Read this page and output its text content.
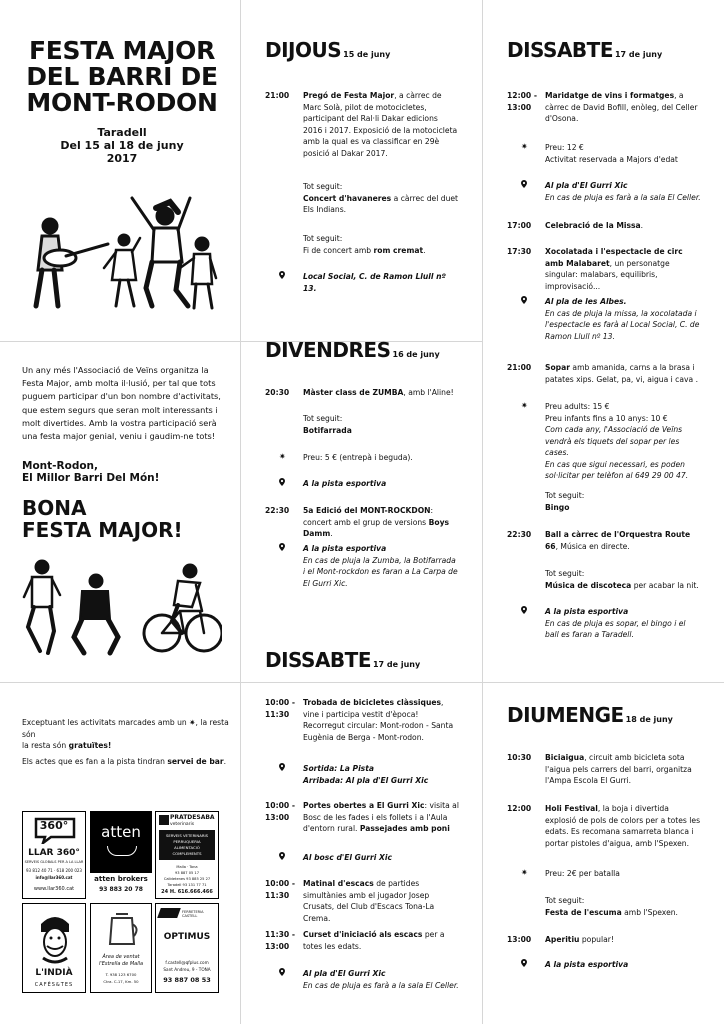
FESTA MAJOR
DEL BARRI DE
MONT-RODON
Taradell
Del 15 al 18 de juny
2017
Un any més l'Associació de Veïns organitza la Festa Major, amb molta il·lusió, per tal que tots puguem participar d'un bon nombre d'activitats, que estem segurs que seran molt interessants i molt divertides. Amb la vostra participació serà una festa major genial, veniu i gaudim-ne tots!
Mont-Rodon,
El Millor Barri Del Món!
BONA
FESTA MAJOR!
Exceptuant les activitats marcades amb un ✷, la resta són
la resta són gratuïtes!
Els actes que es fan a la pista tindran servei de bar.
360°
LLAR 360°
SERVEIS GLOBALS PER A LA LLAR
93 812 40 71 · 618 200 023
info@llar360.cat
www.llar360.cat
atten
atten brokers
93 883 20 78
PRATDESABA
veterinaris
SERVEIS VETERINARIS
PERRUQUERIA
ALIMENTACIÓ
COMPLEMENTS
Malla · Tona
93 887 05 17
Calldetenes 93 885 25 27
Taradell 93 131 77 71
24 H. 616.666.466
L'INDIÀ
CAFÈS&TES
Àrea de ventat
l'Estrella de Malla
T. 938 123 6700
Ctra. C-17, Km. 50
FERRETERIA CASTELL
OPTIMUS
f.castell@qfplus.com
Sant Andreu, 9 - TONA
93 887 08 53
DIJOUS 15 de juny
21:00	Pregó de Festa Major, a càrrec de Marc Solà, pilot de motocicletes, participant del Ral·li Dakar edicions 2016 i 2017. Exposició de la motocicleta amb la qual es va classificar en 29è posició al Dakar 2017.
Tot seguit:
Concert d'havaneres a càrrec del duet Els Indians.
Tot seguit:
Fi de concert amb rom cremat.
Local Social, C. de Ramon Llull nº 13.
DIVENDRES 16 de juny
20:30	Màster class de ZUMBA, amb l'Aline!
Tot seguit:
Botifarrada
✷ Preu: 5 € (entrepà i beguda).
A la pista esportiva
22:30	5a Edició del MONT-ROCKDON: concert amb el grup de versions Boys Damm.
A la pista esportiva
En cas de pluja la Zumba, la Botifarrada i el Mont-rockdon es faran a La Carpa de El Gurri Xic.
DISSABTE 17 de juny
10:00 - 11:30
Trobada de bicicletes clàssiques, vine i participa vestit d'època! Recorregut circular: Mont-rodon - Santa Eugènia de Berga - Mont-rodon.
Sortida: La Pista
Arribada: Al pla d'El Gurri Xic
10:00 - 13:00
Portes obertes a El Gurri Xic: visita al Bosc de les fades i els follets i a l'Aula d'entorn rural. Passejades amb poni
Al bosc d'El Gurri Xic
10:00 - 11:30
Matinal d'escacs de partides simultànies amb el jugador Josep Crusats, del Club d'Escacs Tona-La Crema.
11:30 - 13:00
Curset d'iniciació als escacs per a totes les edats.
Al pla d'El Gurri Xic
En cas de pluja es farà a la sala El Celler.
DISSABTE 17 de juny
12:00 - 13:00
Maridatge de vins i formatges, a càrrec de David Bofill, enòleg, del Celler d'Osona.
✷ Preu: 12 €
Activitat reservada a Majors d'edat
Al pla d'El Gurri Xic
En cas de pluja es farà a la sala El Celler.
17:00	Celebració de la Missa.
17:30	Xocolatada i l'espectacle de circ amb Malabaret, un personatge singular: malabars, equilibris, improvisació...
Al pla de les Albes.
En cas de pluja la missa, la xocolatada i l'espectacle es farà al Local Social, C. de Ramon Llull nº 13.
21:00	Sopar amb amanida, carns a la brasa i patates xips. Gelat, pa, vi, aigua i cava .
✷ Preu adults: 15 €
Preu infants fins a 10 anys: 10 €
Com cada any, l'Associació de Veïns vendrà els tiquets del sopar per les cases.
En cas que sigui necessari, es poden sol·licitar per telèfon al 649 29 00 47.
Tot seguit:
Bingo
22:30	Ball a càrrec de l'Orquestra Route 66, Música en directe.
Tot seguit:
Música de discoteca per acabar la nit.
A la pista esportiva
En cas de pluja es sopar, el bingo i el ball es faran a Taradell.
DIUMENGE 18 de juny
10:30	Biciaigua, circuit amb bicicleta sota l'aigua pels carrers del barri, organitza l'Ampa Escola El Gurri.
12:00	Holi Festival, la boja i divertida explosió de pols de colors per a totes les edats. Es recomana samarreta blanca i portar pistoles d'aigua, amb l'Spexen.
✷ Preu: 2€ per batalla
Tot seguit:
Festa de l'escuma amb l'Spexen.
13:00	Aperitiu popular!
A la pista esportiva
